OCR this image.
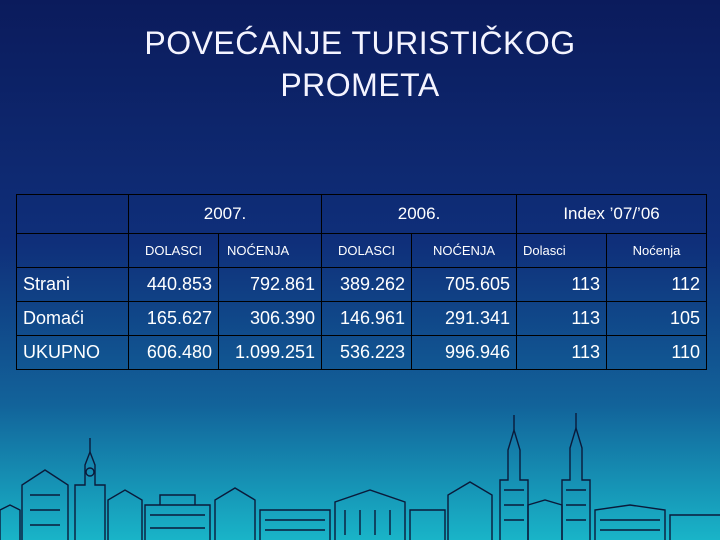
POVEĆANJE TURISTIČKOG
PROMETA
	2007.		2006.		Index ’07/’06	
	DOLASCI	NOĆENJA	DOLASCI	NOĆENJA	Dolasci	Noćenja
Strani	440.853	792.861	389.262	705.605	113	112
Domaći	165.627	306.390	146.961	291.341	113	105
UKUPNO	606.480	1.099.251	536.223	996.946	113	110
